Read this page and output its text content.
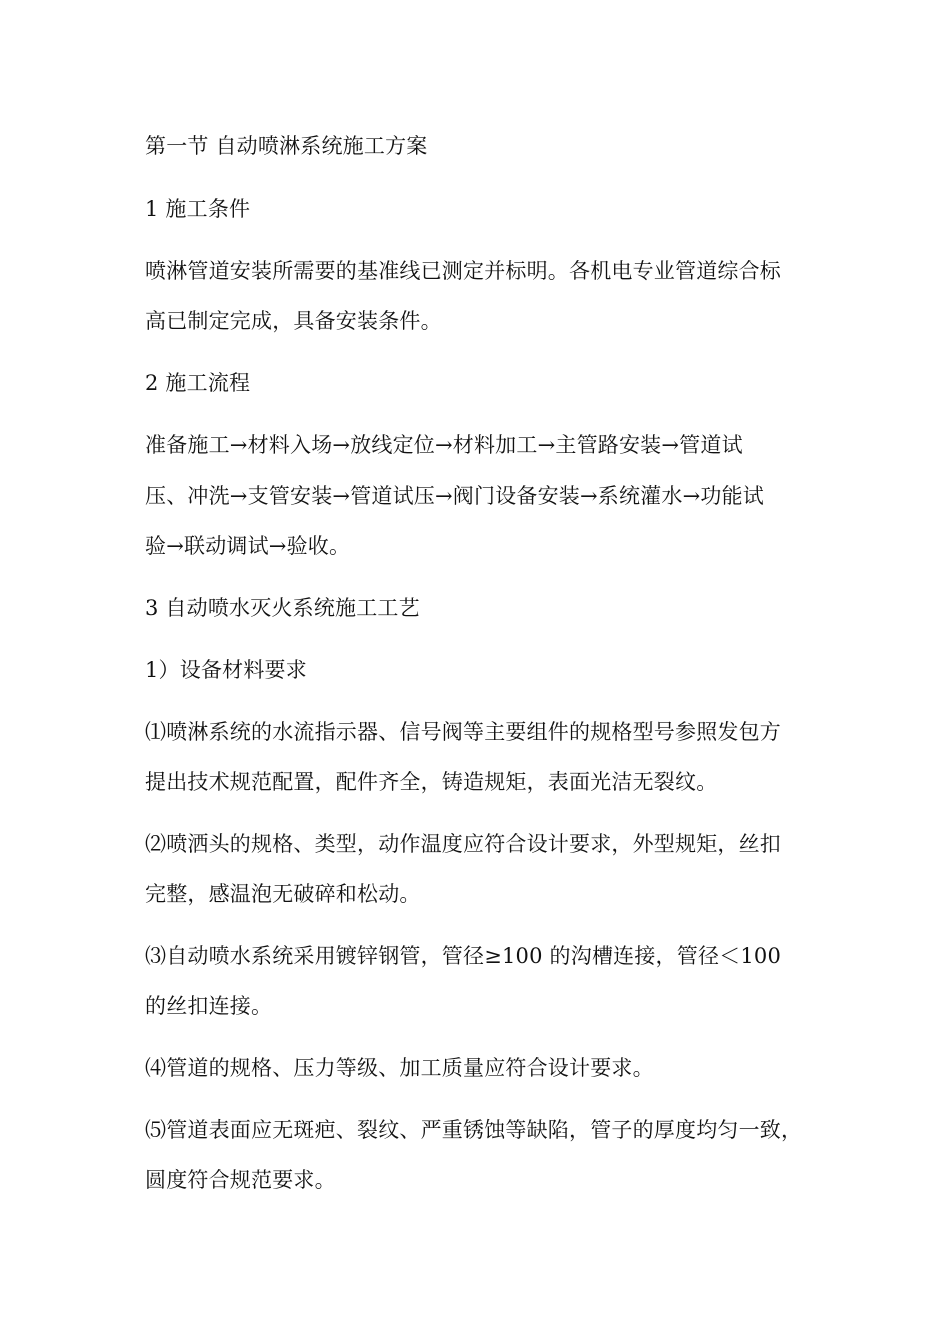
第一节 自动喷淋系统施工方案
1 施工条件
喷淋管道安装所需要的基准线已测定并标明。各机电专业管道综合标
高已制定完成，具备安装条件。
2 施工流程
准备施工→材料入场→放线定位→材料加工→主管路安装→管道试
压、冲洗→支管安装→管道试压→阀门设备安装→系统灌水→功能试
验→联动调试→验收。
3 自动喷水灭火系统施工工艺
1）设备材料要求
⑴喷淋系统的水流指示器、信号阀等主要组件的规格型号参照发包方
提出技术规范配置，配件齐全，铸造规矩，表面光洁无裂纹。
⑵喷洒头的规格、类型，动作温度应符合设计要求，外型规矩，丝扣
完整，感温泡无破碎和松动。
⑶自动喷水系统采用镀锌钢管，管径≥100 的沟槽连接，管径＜100
的丝扣连接。
⑷管道的规格、压力等级、加工质量应符合设计要求。
⑸管道表面应无斑疤、裂纹、严重锈蚀等缺陷，管子的厚度均匀一致，
圆度符合规范要求。
